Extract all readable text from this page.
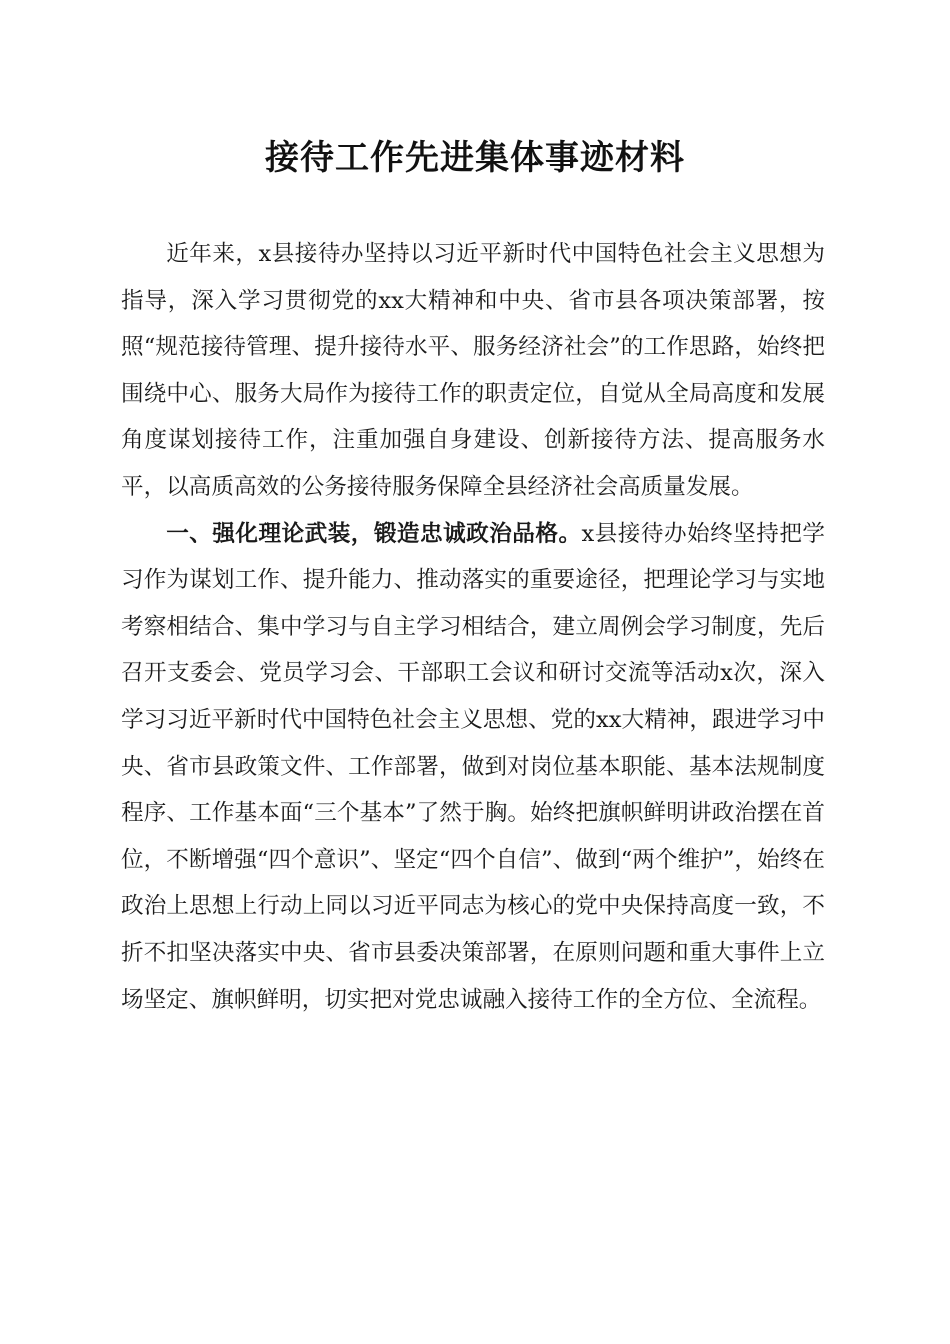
接待工作先进集体事迹材料

近年来，x县接待办坚持以习近平新时代中国特色社会主义思想为指导，深入学习贯彻党的xx大精神和中央、省市县各项决策部署，按照“规范接待管理、提升接待水平、服务经济社会”的工作思路，始终把围绕中心、服务大局作为接待工作的职责定位，自觉从全局高度和发展角度谋划接待工作，注重加强自身建设、创新接待方法、提高服务水平，以高质高效的公务接待服务保障全县经济社会高质量发展。

一、强化理论武装，锻造忠诚政治品格。x县接待办始终坚持把学习作为谋划工作、提升能力、推动落实的重要途径，把理论学习与实地考察相结合、集中学习与自主学习相结合，建立周例会学习制度，先后召开支委会、党员学习会、干部职工会议和研讨交流等活动x次，深入学习习近平新时代中国特色社会主义思想、党的xx大精神，跟进学习中央、省市县政策文件、工作部署，做到对岗位基本职能、基本法规制度程序、工作基本面“三个基本”了然于胸。始终把旗帜鲜明讲政治摆在首位，不断增强“四个意识”、坚定“四个自信”、做到“两个维护”，始终在政治上思想上行动上同以习近平同志为核心的党中央保持高度一致，不折不扣坚决落实中央、省市县委决策部署，在原则问题和重大事件上立场坚定、旗帜鲜明，切实把对党忠诚融入接待工作的全方位、全流程。
